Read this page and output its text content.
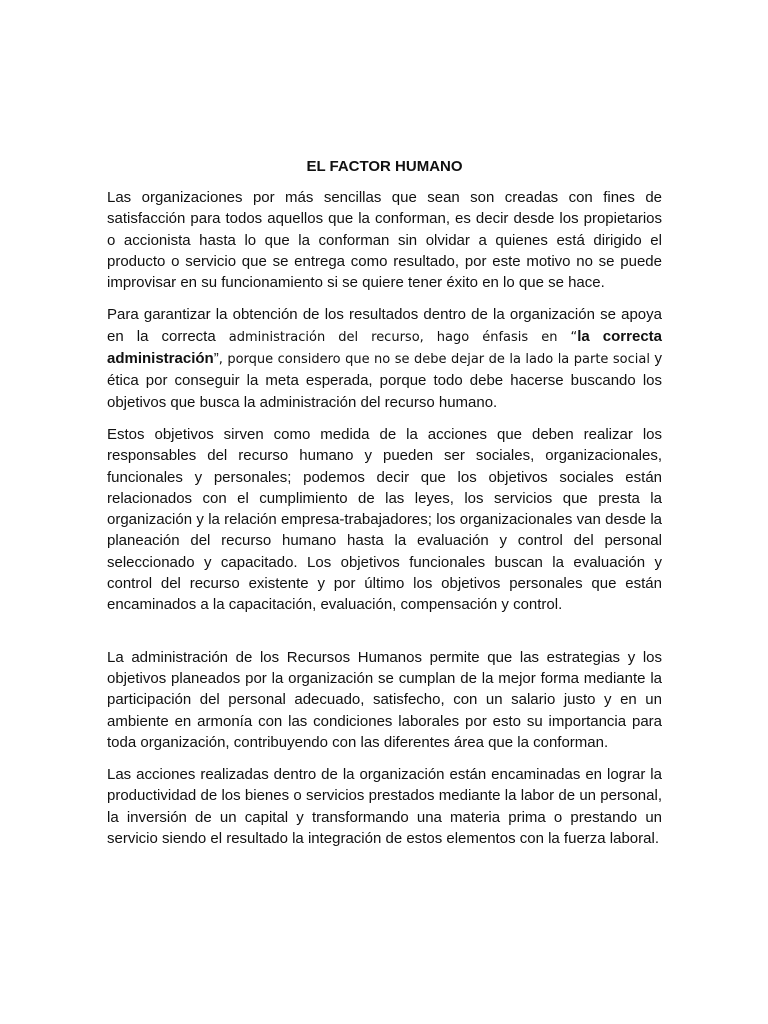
EL FACTOR HUMANO

Las organizaciones por más sencillas que sean son creadas con fines de satisfacción para todos aquellos que la conforman, es decir desde los propietarios o accionista hasta lo que la conforman sin olvidar a quienes está dirigido el producto o servicio que se entrega como resultado, por este motivo no se puede improvisar en su funcionamiento si se quiere tener éxito en lo que se hace.

Para garantizar la obtención de los resultados dentro de la organización se apoya en la correcta administración del recurso, hago énfasis en “la correcta administración”, porque considero que no se debe dejar de la lado la parte social y ética por conseguir la meta esperada, porque todo debe hacerse buscando los objetivos que busca la administración del recurso humano.

Estos objetivos sirven como medida de la acciones que deben realizar los responsables del recurso humano y pueden ser sociales, organizacionales, funcionales y personales; podemos decir que los objetivos sociales están relacionados con el cumplimiento de las leyes, los servicios que presta la organización y la relación empresa-trabajadores; los organizacionales van desde la planeación del recurso humano hasta la evaluación y control del personal seleccionado y capacitado. Los objetivos funcionales buscan la evaluación y control del recurso existente y por último los objetivos personales que están encaminados a la capacitación, evaluación, compensación y control.

La administración de los Recursos Humanos permite que las estrategias y los objetivos planeados por la organización se cumplan de la mejor forma mediante la participación del personal adecuado, satisfecho, con un salario justo y en un ambiente en armonía con las condiciones laborales por esto su importancia para toda organización, contribuyendo con las diferentes área que la conforman.

Las acciones realizadas dentro de la organización están encaminadas en lograr la productividad de los bienes o servicios prestados mediante la labor de un personal, la inversión de un capital y transformando una materia prima o prestando un servicio siendo el resultado la integración de estos elementos con la fuerza laboral.
